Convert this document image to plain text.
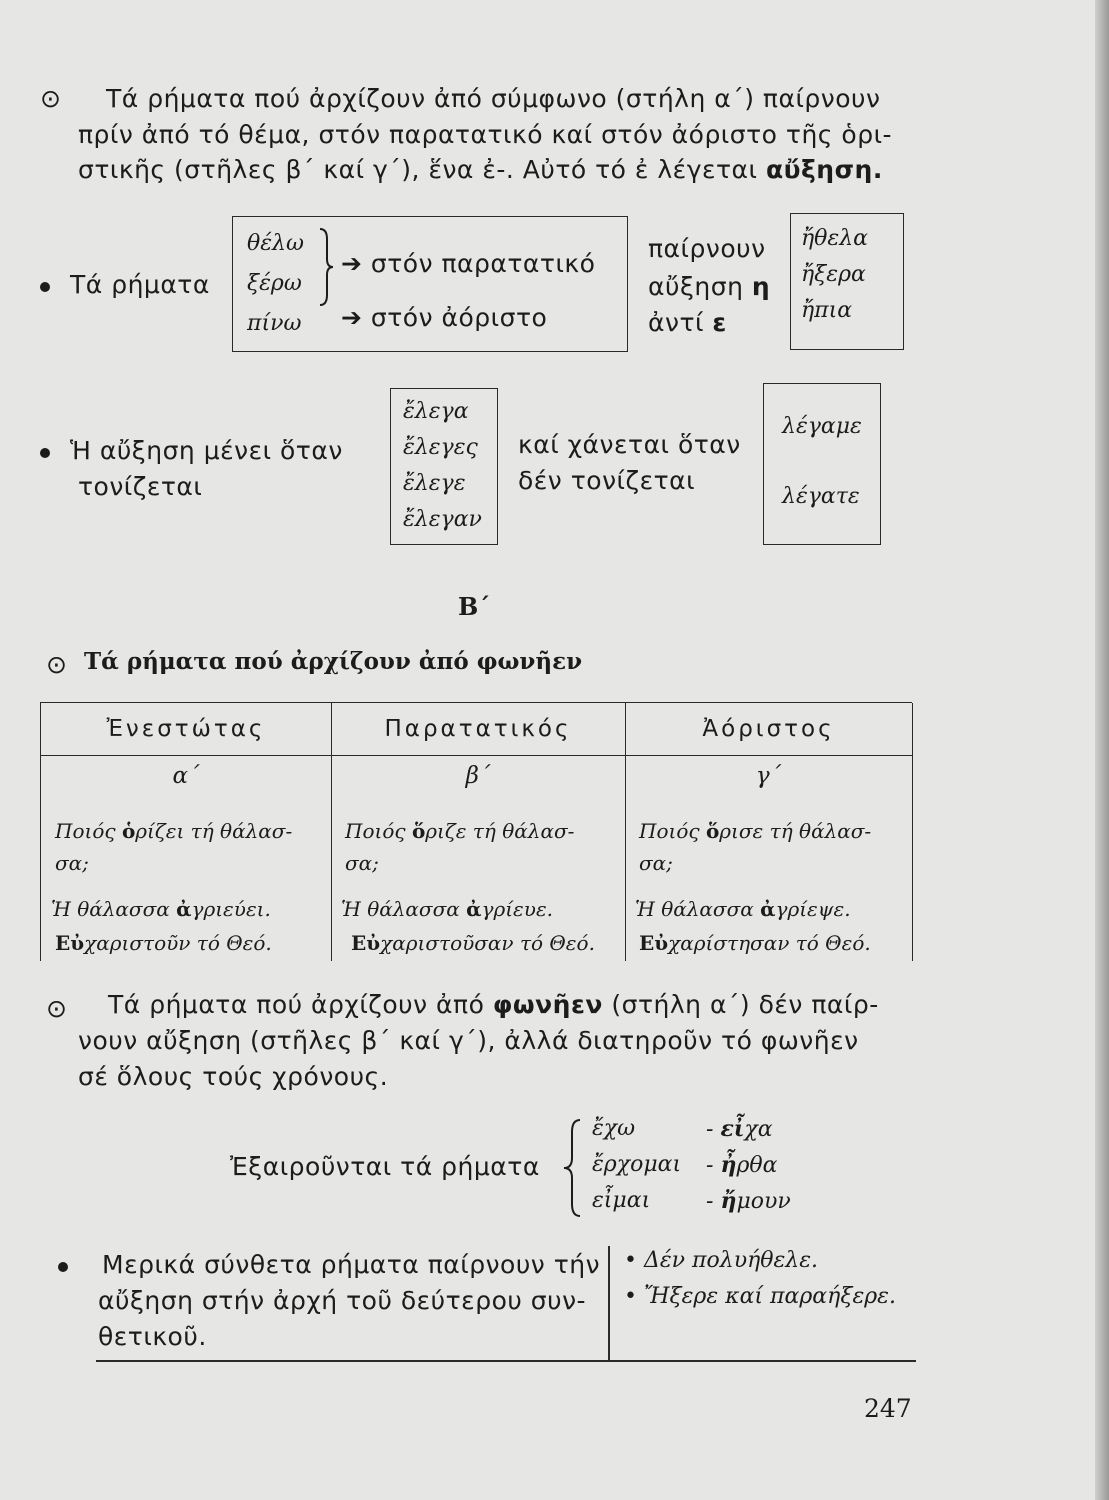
⊙ Τά ρήματα πού ἀρχίζουν ἀπό σύμφωνο (στήλη α΄) παίρνουν
πρίν ἀπό τό θέμα, στόν παρατατικό καί στόν ἀόριστο τῆς ὁρι-
στικῆς (στῆλες β΄ καί γ΄), ἕνα ἐ-. Αὐτό τό ἐ λέγεται αὔξηση.
Τά ρήματα
θέλω
ξέρω
πίνω
➔ στόν παρατατικό
➔ στόν ἀόριστο
παίρνουν
αὔξηση η
ἀντί ε
ἤθελα
ἤξερα
ἤπια
Ἡ αὔξηση μένει ὅταν
τονίζεται
ἔλεγα
ἔλεγες
ἔλεγε
ἔλεγαν
καί χάνεται ὅταν
δέν τονίζεται
λέγαμε
λέγατε
Β΄
⊙ Τά ρήματα πού ἀρχίζουν ἀπό φωνῆεν
Ἐνεστώτας
α΄
Ποιός ὁρίζει τή θάλασ-
σα;
Ἡ θάλασσα ἀγριεύει.
Εὐχαριστοῦν τό Θεό.
Παρατατικός
β΄
Ποιός ὅριζε τή θάλασ-
σα;
Ἡ θάλασσα ἀγρίευε.
Εὐχαριστοῦσαν τό Θεό.
Ἀόριστος
γ΄
Ποιός ὅρισε τή θάλασ-
σα;
Ἡ θάλασσα ἀγρίεψε.
Εὐχαρίστησαν τό Θεό.
⊙ Τά ρήματα πού ἀρχίζουν ἀπό φωνῆεν (στήλη α΄) δέν παίρ-
νουν αὔξηση (στῆλες β΄ καί γ΄), ἀλλά διατηροῦν τό φωνῆεν
σέ ὅλους τούς χρόνους.
Ἐξαιροῦνται τά ρήματα
ἔχω
ἔρχομαι
εἶμαι
- εἶχα
- ἦρθα
- ἤμουν
Μερικά σύνθετα ρήματα παίρνουν τήν
αὔξηση στήν ἀρχή τοῦ δεύτερου συν-
θετικοῦ.
• Δέν πολυήθελε.
• Ἤξερε καί παραήξερε.
247
